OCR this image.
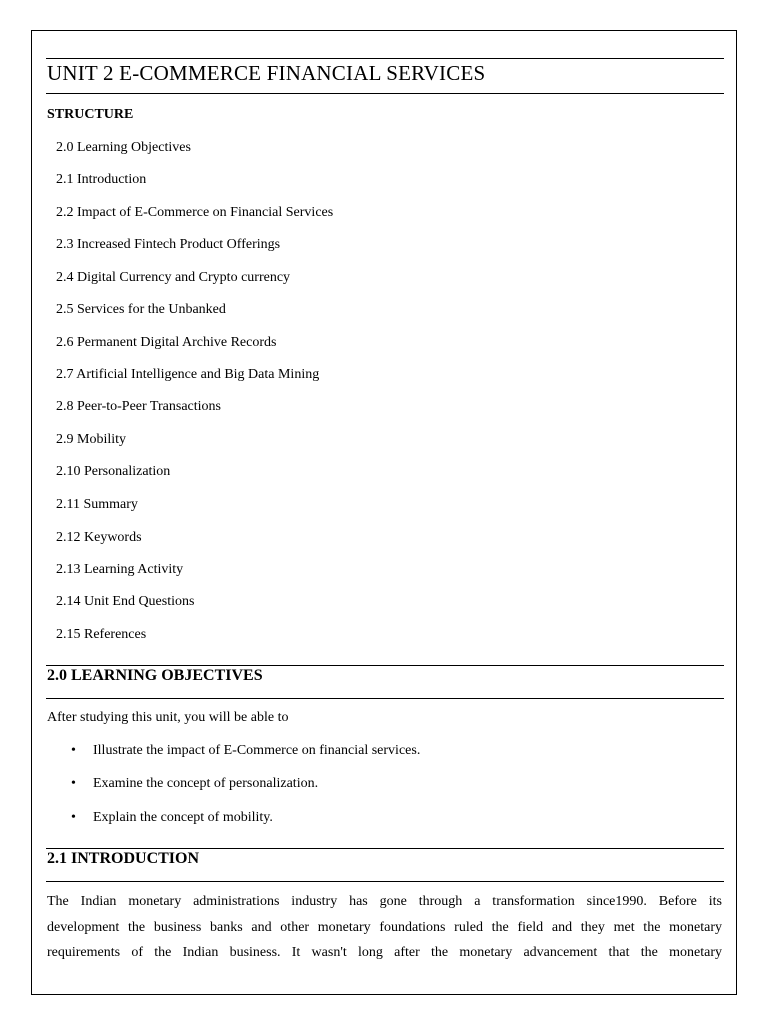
UNIT 2 E-COMMERCE FINANCIAL SERVICES
STRUCTURE
2.0 Learning Objectives
2.1 Introduction
2.2 Impact of E-Commerce on Financial Services
2.3 Increased Fintech Product Offerings
2.4 Digital Currency and Crypto currency
2.5 Services for the Unbanked
2.6 Permanent Digital Archive Records
2.7 Artificial Intelligence and Big Data Mining
2.8 Peer-to-Peer Transactions
2.9 Mobility
2.10 Personalization
2.11 Summary
2.12 Keywords
2.13 Learning Activity
2.14 Unit End Questions
2.15 References
2.0 LEARNING OBJECTIVES
After studying this unit, you will be able to
• Illustrate the impact of E-Commerce on financial services.
• Examine the concept of personalization.
• Explain the concept of mobility.
2.1 INTRODUCTION
The Indian monetary administrations industry has gone through a transformation since1990. Before its
development the business banks and other monetary foundations ruled the field and they met the monetary
requirements of the Indian business. It wasn't long after the monetary advancement that the monetary
